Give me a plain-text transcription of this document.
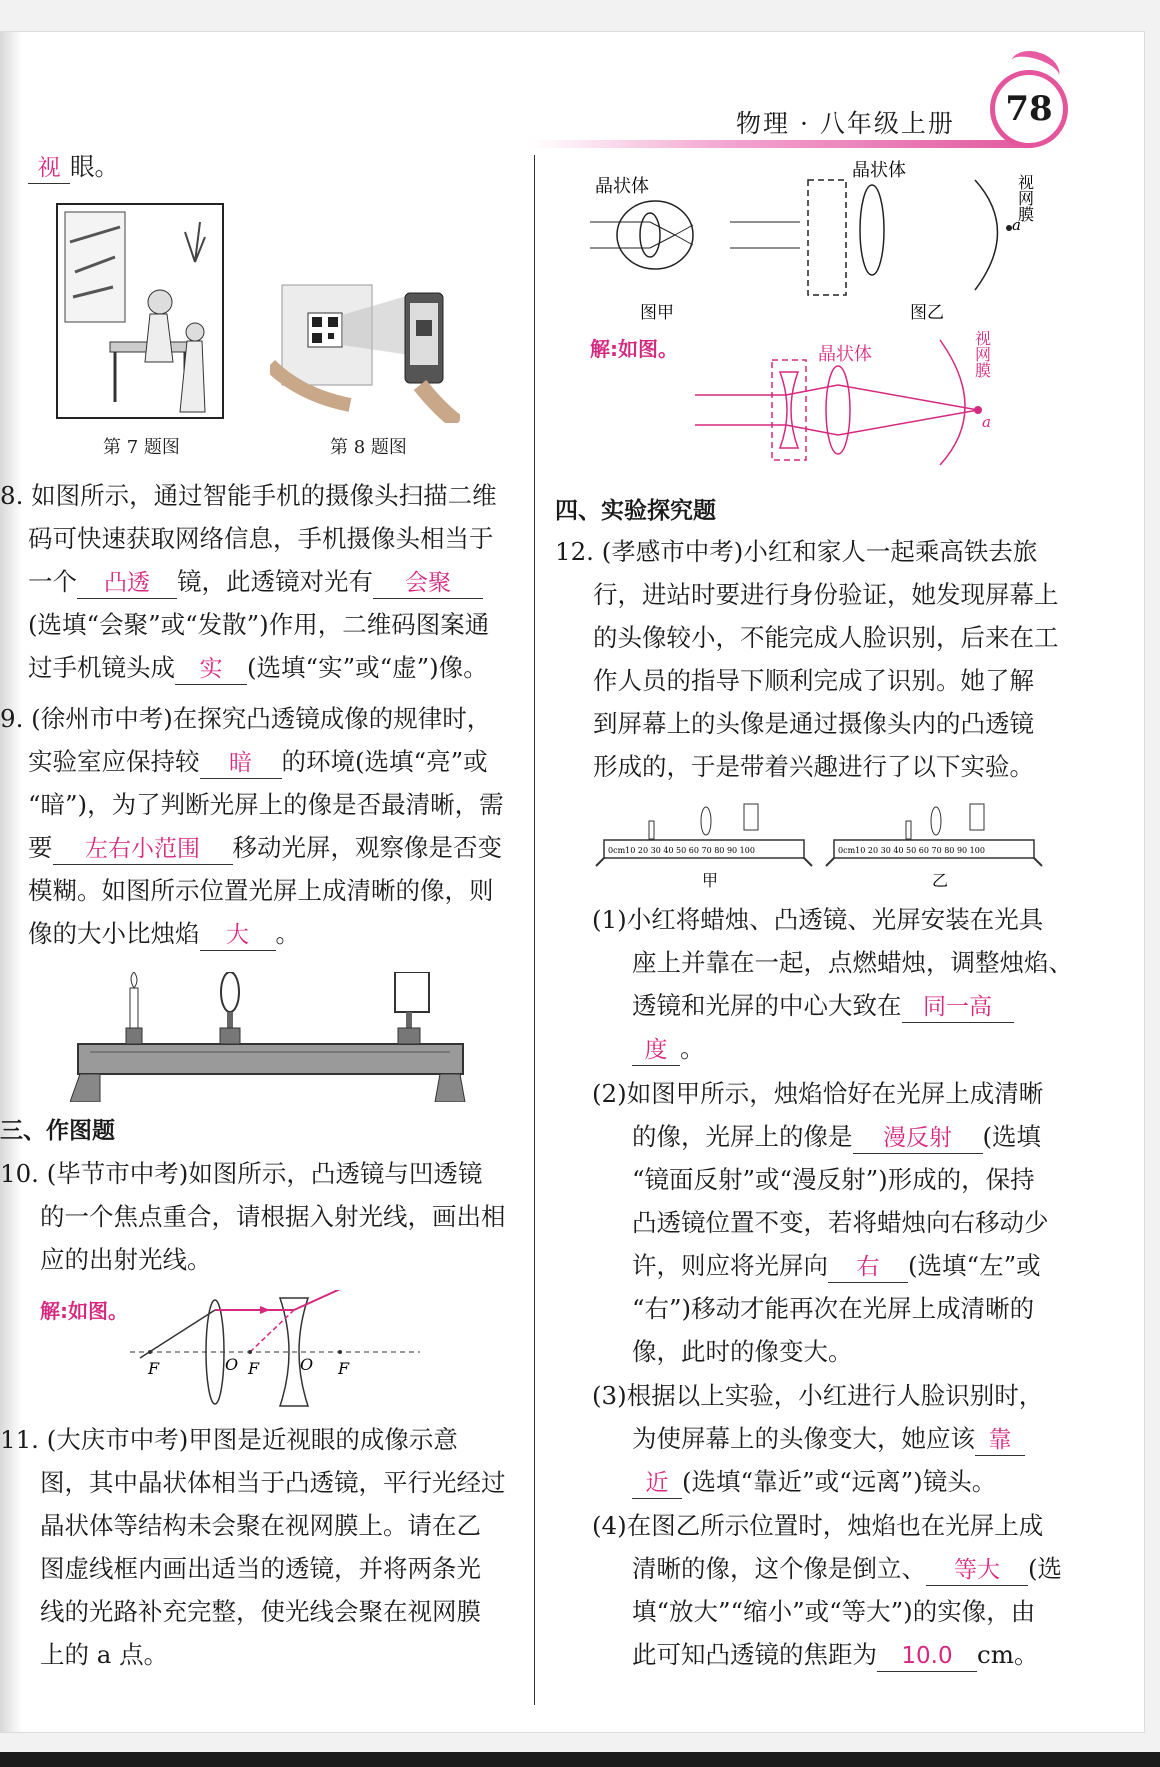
物理 · 八年级上册	78
视 眼。
第 7 题图	第 8 题图
8. 如图所示，通过智能手机的摄像头扫描二维
码可快速获取网络信息，手机摄像头相当于
一个 凸透 镜，此透镜对光有 会聚
(选填“会聚”或“发散”)作用，二维码图案通
过手机镜头成 实 (选填“实”或“虚”)像。
9. (徐州市中考)在探究凸透镜成像的规律时，
实验室应保持较 暗 的环境(选填“亮”或
“暗”)，为了判断光屏上的像是否最清晰，需
要 左右小范围 移动光屏，观察像是否变
模糊。如图所示位置光屏上成清晰的像，则
像的大小比烛焰 大 。
三、作图题
10. (毕节市中考)如图所示，凸透镜与凹透镜
的一个焦点重合，请根据入射光线，画出相
应的出射光线。
解:如图。
F	O F	O F
11. (大庆市中考)甲图是近视眼的成像示意
图，其中晶状体相当于凸透镜，平行光经过
晶状体等结构未会聚在视网膜上。请在乙
图虚线框内画出适当的透镜，并将两条光
线的光路补充完整，使光线会聚在视网膜
上的 a 点。
晶状体
图甲
晶状体
a
视网膜
图乙
解:如图。	晶状体
a
视网膜
四、实验探究题
12. (孝感市中考)小红和家人一起乘高铁去旅
行，进站时要进行身份验证，她发现屏幕上
的头像较小，不能完成人脸识别，后来在工
作人员的指导下顺利完成了识别。她了解
到屏幕上的头像是通过摄像头内的凸透镜
形成的，于是带着兴趣进行了以下实验。
0cm10 20 30 40 50 60 70 80 90 100
甲
0cm10 20 30 40 50 60 70 80 90 100
乙
(1)小红将蜡烛、凸透镜、光屏安装在光具
座上并靠在一起，点燃蜡烛，调整烛焰、
透镜和光屏的中心大致在 同一高
度 。
(2)如图甲所示，烛焰恰好在光屏上成清晰
的像，光屏上的像是 漫反射 (选填
“镜面反射”或“漫反射”)形成的，保持
凸透镜位置不变，若将蜡烛向右移动少
许，则应将光屏向 右 (选填“左”或
“右”)移动才能再次在光屏上成清晰的
像，此时的像变大。
(3)根据以上实验，小红进行人脸识别时，
为使屏幕上的头像变大，她应该 靠
近 (选填“靠近”或“远离”)镜头。
(4)在图乙所示位置时，烛焰也在光屏上成
清晰的像，这个像是倒立、 等大 (选
填“放大”“缩小”或“等大”)的实像，由
此可知凸透镜的焦距为 10.0 cm。
